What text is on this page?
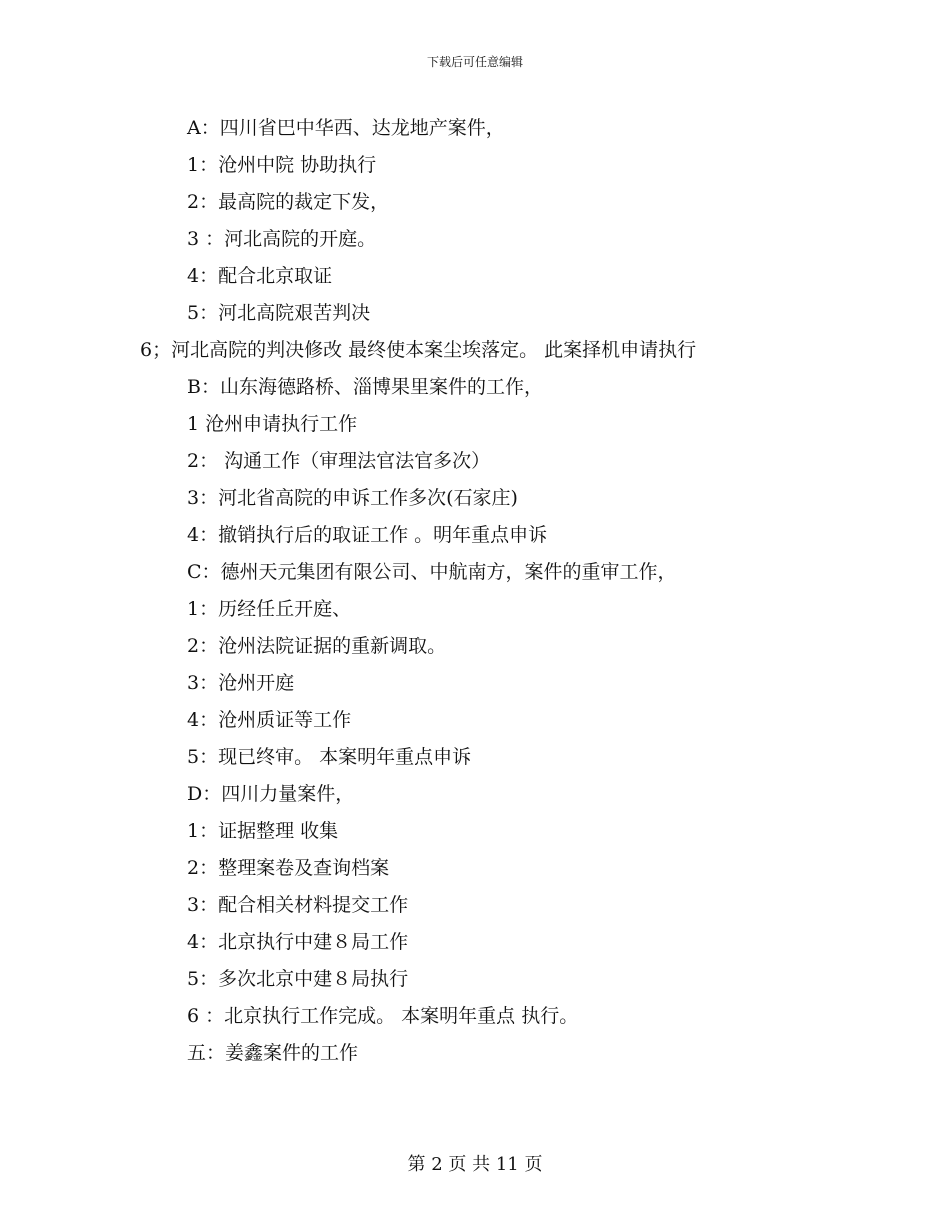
下载后可任意编辑
A：四川省巴中华西、达龙地产案件，
1：沧州中院 协助执行
2：最高院的裁定下发，
3 ：河北高院的开庭。
4：配合北京取证
5：河北高院艰苦判决
6；河北高院的判决修改 最终使本案尘埃落定。 此案择机申请执行
B：山东海德路桥、淄博果里案件的工作，
1 沧州申请执行工作
2： 沟通工作（审理法官法官多次）
3：河北省高院的申诉工作多次(石家庄)
4：撤销执行后的取证工作 。明年重点申诉
C：德州天元集团有限公司、中航南方，案件的重审工作，
1：历经任丘开庭、
2：沧州法院证据的重新调取。
3：沧州开庭
4：沧州质证等工作
5：现已终审。 本案明年重点申诉
D：四川力量案件，
1：证据整理 收集
2：整理案卷及查询档案
3：配合相关材料提交工作
4：北京执行中建８局工作
5：多次北京中建８局执行
6 ：北京执行工作完成。 本案明年重点 执行。
五：姜鑫案件的工作
第 2 页 共 11 页
